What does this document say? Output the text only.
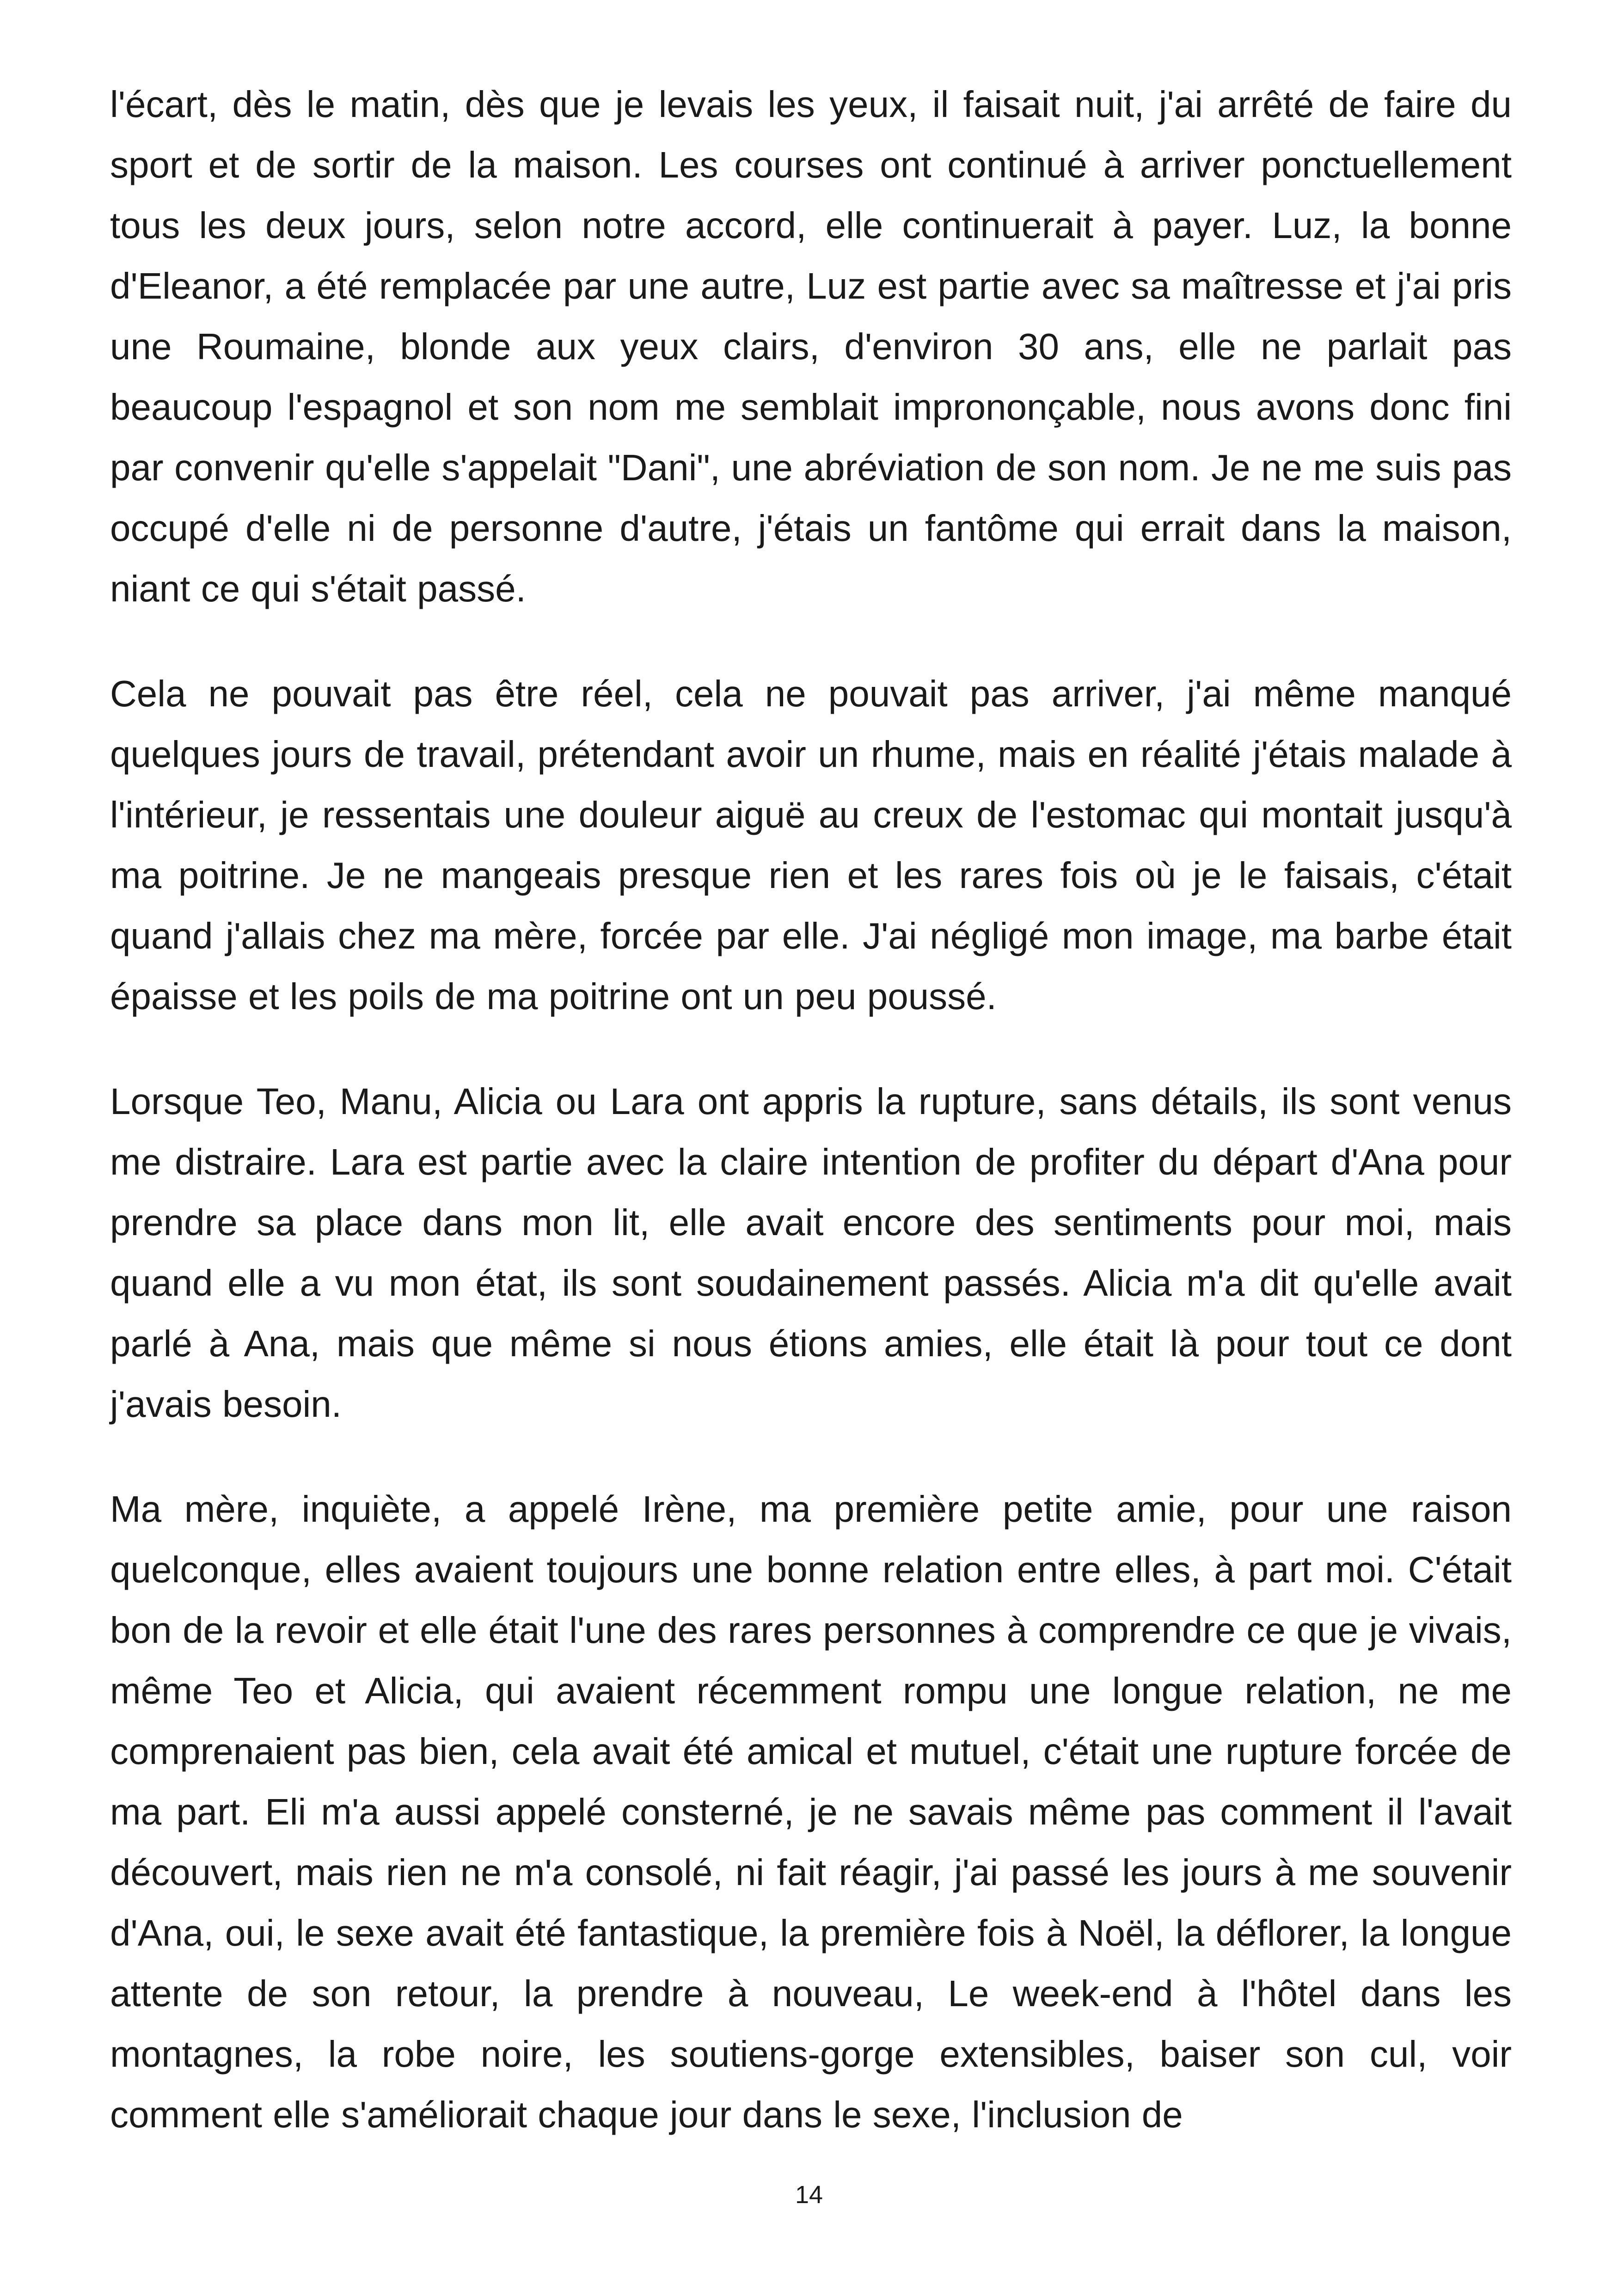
l'écart, dès le matin, dès que je levais les yeux, il faisait nuit, j'ai arrêté de faire du sport et de sortir de la maison. Les courses ont continué à arriver ponctuellement tous les deux jours, selon notre accord, elle continuerait à payer. Luz, la bonne d'Eleanor, a été remplacée par une autre, Luz est partie avec sa maîtresse et j'ai pris une Roumaine, blonde aux yeux clairs, d'environ 30 ans, elle ne parlait pas beaucoup l'espagnol et son nom me semblait imprononçable, nous avons donc fini par convenir qu'elle s'appelait "Dani", une abréviation de son nom. Je ne me suis pas occupé d'elle ni de personne d'autre, j'étais un fantôme qui errait dans la maison, niant ce qui s'était passé.

Cela ne pouvait pas être réel, cela ne pouvait pas arriver, j'ai même manqué quelques jours de travail, prétendant avoir un rhume, mais en réalité j'étais malade à l'intérieur, je ressentais une douleur aiguë au creux de l'estomac qui montait jusqu'à ma poitrine. Je ne mangeais presque rien et les rares fois où je le faisais, c'était quand j'allais chez ma mère, forcée par elle. J'ai négligé mon image, ma barbe était épaisse et les poils de ma poitrine ont un peu poussé.

Lorsque Teo, Manu, Alicia ou Lara ont appris la rupture, sans détails, ils sont venus me distraire. Lara est partie avec la claire intention de profiter du départ d'Ana pour prendre sa place dans mon lit, elle avait encore des sentiments pour moi, mais quand elle a vu mon état, ils sont soudainement passés. Alicia m'a dit qu'elle avait parlé à Ana, mais que même si nous étions amies, elle était là pour tout ce dont j'avais besoin.

Ma mère, inquiète, a appelé Irène, ma première petite amie, pour une raison quelconque, elles avaient toujours une bonne relation entre elles, à part moi. C'était bon de la revoir et elle était l'une des rares personnes à comprendre ce que je vivais, même Teo et Alicia, qui avaient récemment rompu une longue relation, ne me comprenaient pas bien, cela avait été amical et mutuel, c'était une rupture forcée de ma part. Eli m'a aussi appelé consterné, je ne savais même pas comment il l'avait découvert, mais rien ne m'a consolé, ni fait réagir, j'ai passé les jours à me souvenir d'Ana, oui, le sexe avait été fantastique, la première fois à Noël, la déflorer, la longue attente de son retour, la prendre à nouveau, Le week-end à l'hôtel dans les montagnes, la robe noire, les soutiens-gorge extensibles, baiser son cul, voir comment elle s'améliorait chaque jour dans le sexe, l'inclusion de

14
